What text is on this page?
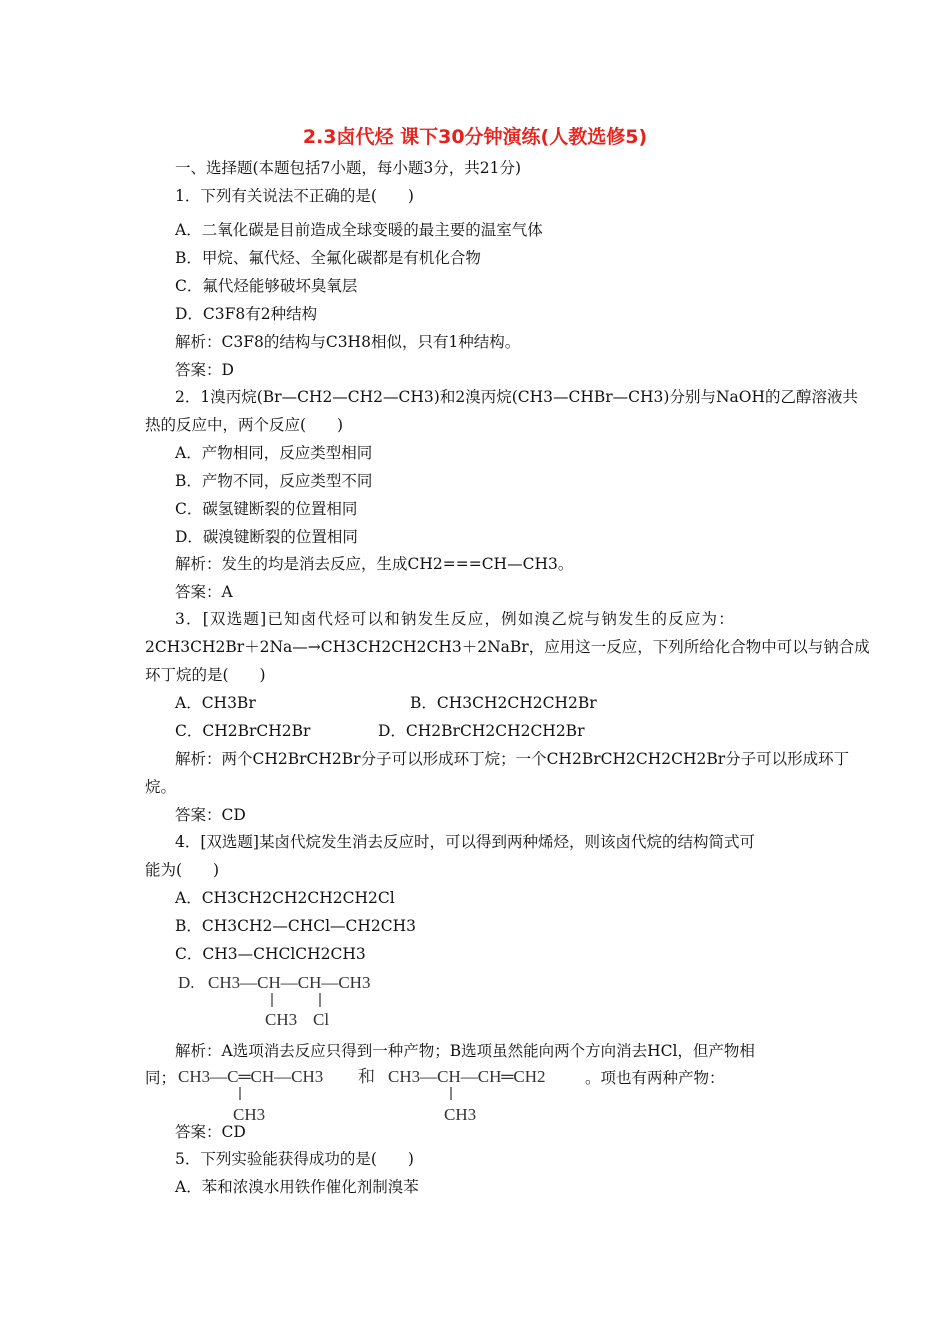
2.3卤代烃 课下30分钟演练(人教选修5)
一、选择题(本题包括7小题，每小题3分，共21分)
1．下列有关说法不正确的是(　　)
A．二氧化碳是目前造成全球变暖的最主要的温室气体
B．甲烷、氟代烃、全氟化碳都是有机化合物
C．氟代烃能够破坏臭氧层
D．C3F8有2种结构
解析：C3F8的结构与C3H8相似，只有1种结构。
答案：D
2．1溴丙烷(Br—CH2—CH2—CH3)和2溴丙烷(CH3—CHBr—CH3)分别与NaOH的乙醇溶液共
热的反应中，两个反应(　　)
A．产物相同，反应类型相同
B．产物不同，反应类型不同
C．碳氢键断裂的位置相同
D．碳溴键断裂的位置相同
解析：发生的均是消去反应，生成CH2===CH—CH3。
答案：A
3．[双选题]已知卤代烃可以和钠发生反应，例如溴乙烷与钠发生的反应为：
2CH3CH2Br＋2Na—→CH3CH2CH2CH3＋2NaBr，应用这一反应，下列所给化合物中可以与钠合成
环丁烷的是(　　)
A．CH3Br	B．CH3CH2CH2CH2Br
C．CH2BrCH2Br	D．CH2BrCH2CH2CH2Br
解析：两个CH2BrCH2Br分子可以形成环丁烷；一个CH2BrCH2CH2CH2Br分子可以形成环丁
烷。
答案：CD
4．[双选题]某卤代烷发生消去反应时，可以得到两种烯烃，则该卤代烷的结构简式可
能为(　　)
A．CH3CH2CH2CH2CH2Cl
B．CH3CH2—CHCl—CH2CH3
C．CH3—CHClCH2CH3
D. CH3—CH—CH—CH3
CH3 Cl
解析：A选项消去反应只得到一种产物；B选项虽然能向两个方向消去HCl，但产物相
同； CH3—C═CH—CH3
CH3
和 CH3—CH—CH═CH2
CH3
。项也有两种产物：
答案：CD
5．下列实验能获得成功的是(　　)
A．苯和浓溴水用铁作催化剂制溴苯
